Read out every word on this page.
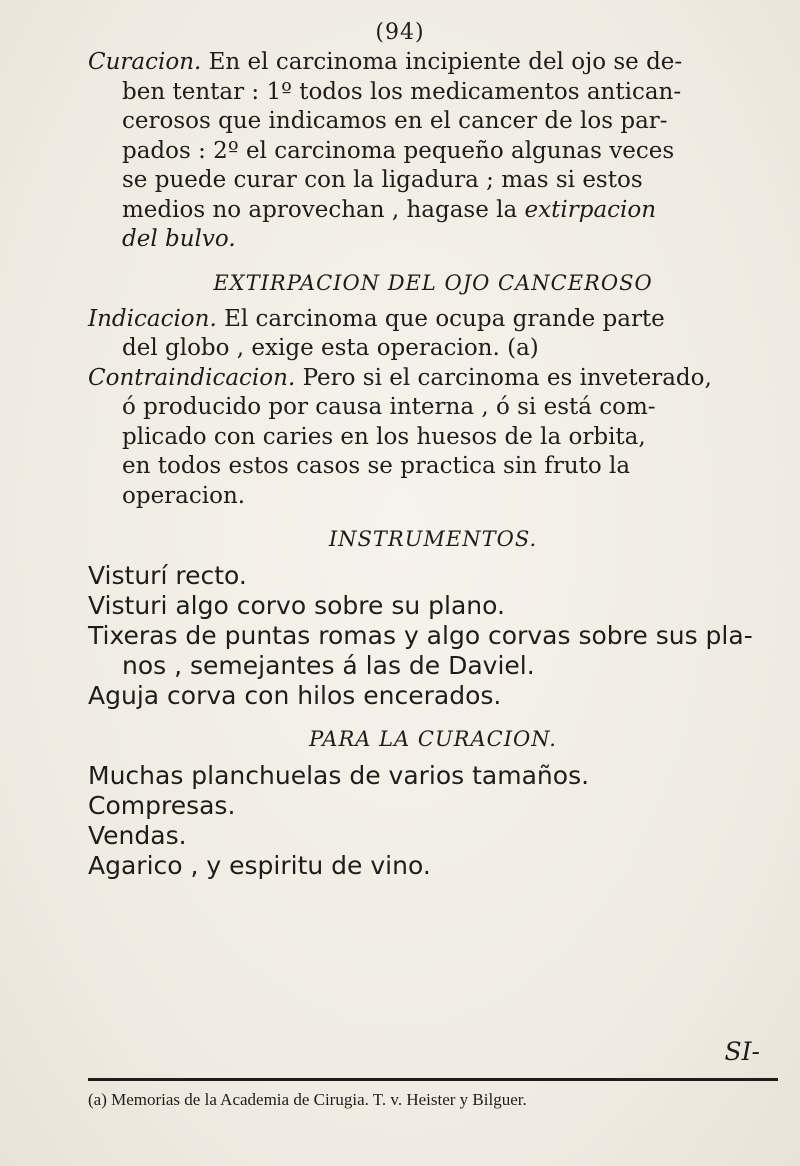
(94)
Curacion. En el carcinoma incipiente del ojo se de-

ben tentar : 1º todos los medicamentos antican-
cerosos que indicamos en el cancer de los par-
pados : 2º el carcinoma pequeño algunas veces
se puede curar con la ligadura ; mas si estos
medios no aprovechan , hagase la extirpacion
del bulvo.
EXTIRPACION DEL OJO CANCEROSO
Indicacion. El carcinoma que ocupa grande parte

del globo , exige esta operacion. (a)
Contraindicacion. Pero si el carcinoma es inveterado,

ó producido por causa interna , ó si está com-
plicado con caries en los huesos de la orbita,
en todos estos casos se practica sin fruto la
operacion.
INSTRUMENTOS.
Visturí recto.
Visturi algo corvo sobre su plano.
Tixeras de puntas romas y algo corvas sobre sus pla-
nos , semejantes á las de Daviel.
Aguja corva con hilos encerados.
PARA LA CURACION.
Muchas planchuelas de varios tamaños.
Compresas.
Vendas.
Agarico , y espiritu de vino.
SI-
(a) Memorias de la Academia de Cirugia. T. v. Heister y Bilguer.
